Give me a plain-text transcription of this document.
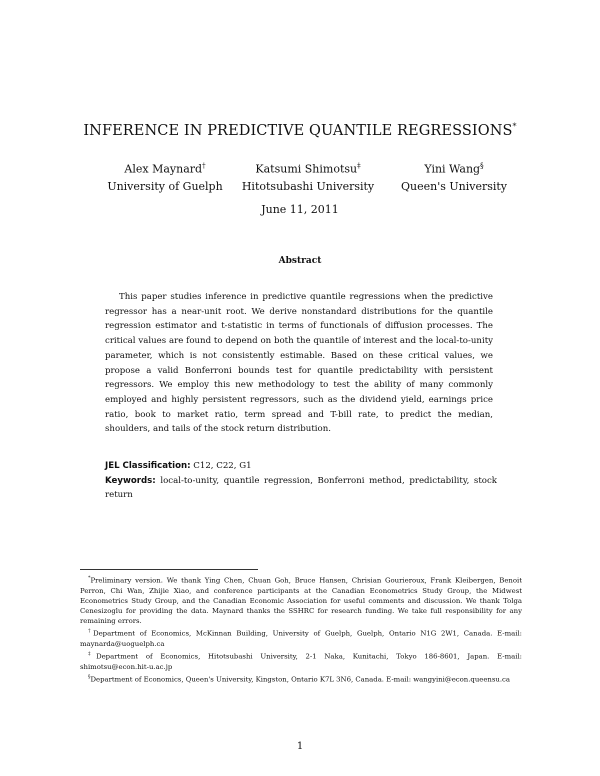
INFERENCE IN PREDICTIVE QUANTILE REGRESSIONS*
Alex Maynard†
University of Guelph
Katsumi Shimotsu‡
Hitotsubashi University
Yini Wang§
Queen's University
June 11, 2011
Abstract

This paper studies inference in predictive quantile regressions when the predictive regressor has a near-unit root. We derive nonstandard distributions for the quantile regression estimator and t-statistic in terms of functionals of diffusion processes. The critical values are found to depend on both the quantile of interest and the local-to-unity parameter, which is not consistently estimable. Based on these critical values, we propose a valid Bonferroni bounds test for quantile predictability with persistent regressors. We employ this new methodology to test the ability of many commonly employed and highly persistent regressors, such as the dividend yield, earnings price ratio, book to market ratio, term spread and T-bill rate, to predict the median, shoulders, and tails of the stock return distribution.

JEL Classification: C12, C22, G1
Keywords: local-to-unity, quantile regression, Bonferroni method, predictability, stock return

*Preliminary version. We thank Ying Chen, Chuan Goh, Bruce Hansen, Chrisian Gourieroux, Frank Kleibergen, Benoit Perron, Chi Wan, Zhijie Xiao, and conference participants at the Canadian Econometrics Study Group, the Midwest Econometrics Study Group, and the Canadian Economic Association for useful comments and discussion. We thank Tolga Cenesizoglu for providing the data. Maynard thanks the SSHRC for research funding. We take full responsibility for any remaining errors.

†Department of Economics, McKinnan Building, University of Guelph, Guelph, Ontario N1G 2W1, Canada. E-mail: maynarda@uoguelph.ca

‡Department of Economics, Hitotsubashi University, 2-1 Naka, Kunitachi, Tokyo 186-8601, Japan. E-mail: shimotsu@econ.hit-u.ac.jp

§Department of Economics, Queen's University, Kingston, Ontario K7L 3N6, Canada. E-mail: wangyini@econ.queensu.ca

1
